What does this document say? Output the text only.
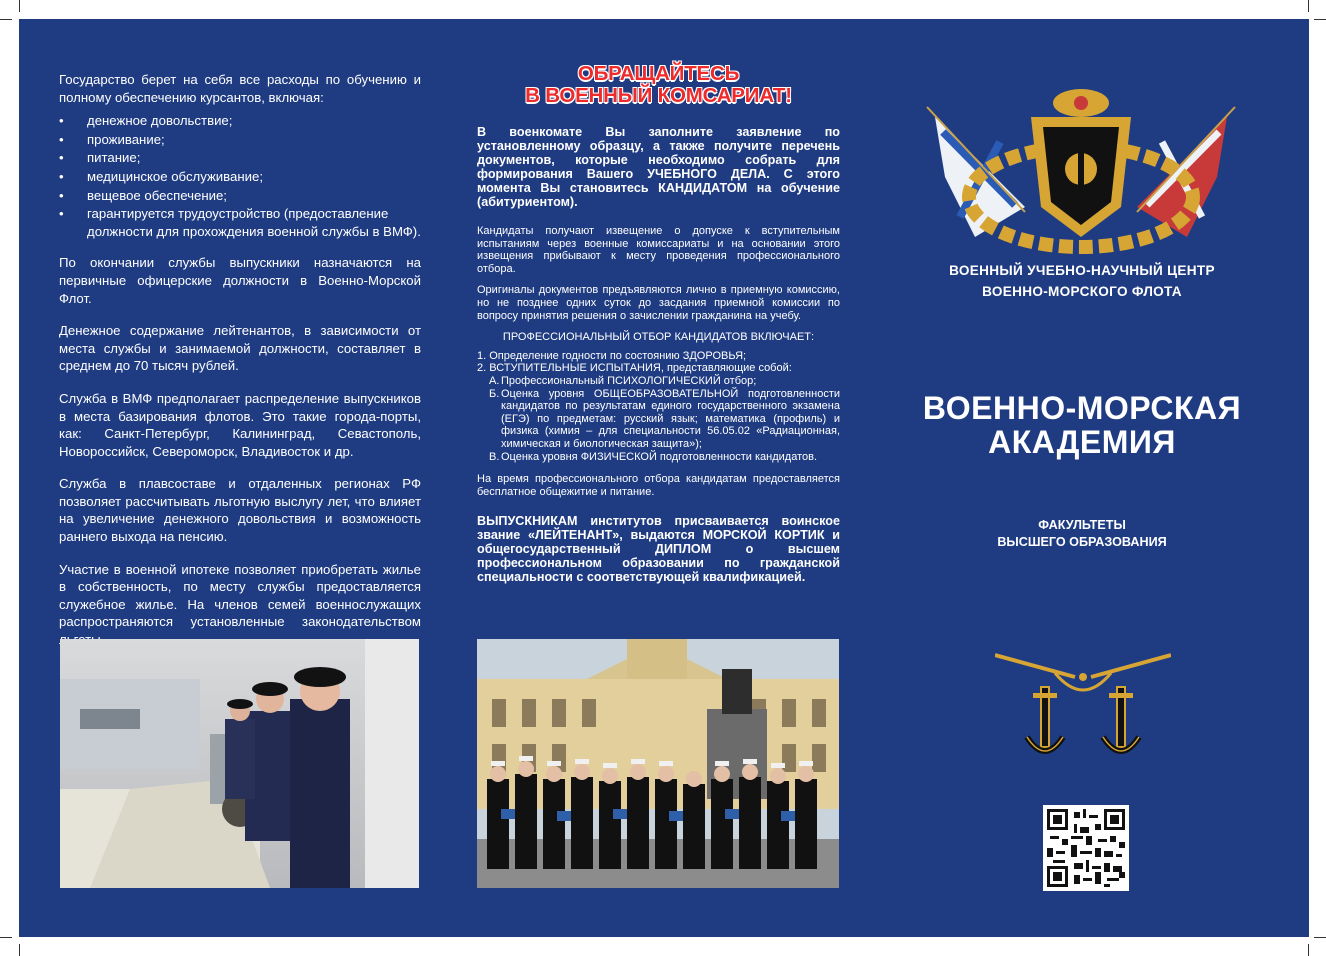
Государство берет на себя все расходы по обучению и полному обеспечению курсантов, включая:

• денежное довольствие;
• проживание;
• питание;
• медицинское обслуживание;
• вещевое обеспечение;
• гарантируется трудоустройство (предоставление должности для прохождения военной службы в ВМФ).

По окончании службы выпускники назначаются на первичные офицерские должности в Военно-Морской Флот.

Денежное содержание лейтенантов, в зависимости от места службы и занимаемой должности, составляет в среднем до 70 тысяч рублей.

Служба в ВМФ предполагает распределение выпускников в места базирования флотов. Это такие города-порты, как: Санкт-Петербург, Калининград, Севастополь, Новороссийск, Североморск, Владивосток и др.

Служба в плавсоставе и отдаленных регионах РФ позволяет рассчитывать льготную выслугу лет, что влияет на увеличение денежного довольствия и возможность раннего выхода на пенсию.

Участие в военной ипотеке позволяет приобретать жилье в собственность, по месту службы предоставляется служебное жилье. На членов семей военнослужащих распространяются установленные законодательством

ОБРАЩАЙТЕСЬ
В ВОЕННЫЙ КОМСАРИАТ!

В военкомате Вы заполните заявление по установленному образцу, а также получите перечень документов, которые необходимо собрать для формирования Вашего УЧЕБНОГО ДЕЛА. С этого момента Вы становитесь КАНДИДАТОМ на обучение (абитуриентом).

Кандидаты получают извещение о допуске к вступительным испытаниям через военные комиссариаты и на основании этого извещения прибывают к месту проведения профессионального отбора.

Оригиналы документов предъявляются лично в приемную комиссию, но не позднее одних суток до засдания приемной комиссии по вопросу принятия решения о зачислении гражданина на учебу.

ПРОФЕССИОНАЛЬНЫЙ ОТБОР КАНДИДАТОВ ВКЛЮЧАЕТ:

1. Определение годности по состоянию ЗДОРОВЬЯ;
2. ВСТУПИТЕЛЬНЫЕ ИСПЫТАНИЯ, представляющие собой:
А. Профессиональный ПСИХОЛОГИЧЕСКИЙ отбор;
Б. Оценка уровня ОБЩЕОБРАЗОВАТЕЛЬНОЙ подготовленности кандидатов по результатам единого государственного экзамена (ЕГЭ) по предметам: русский язык; математика (профиль) и физика (химия – для специальности 56.05.02 «Радиационная, химическая и биологическая защита»);
В. Оценка уровня ФИЗИЧЕСКОЙ подготовленности кандидатов.

На время профессионального отбора кандидатам предоставляется бесплатное общежитие и питание.

ВЫПУСКНИКАМ институтов присваивается воинское звание «ЛЕЙТЕНАНТ», выдаются МОРСКОЙ КОРТИК и общегосударственный ДИПЛОМ о высшем профессиональном образовании по гражданской специальности с соответствующей квалификацией.

ВОЕННЫЙ УЧЕБНО-НАУЧНЫЙ ЦЕНТР
ВОЕННО-МОРСКОГО ФЛОТА
ВОЕННО-МОРСКАЯ
АКАДЕМИЯ
ФАКУЛЬТЕТЫ
ВЫСШЕГО ОБРАЗОВАНИЯ
